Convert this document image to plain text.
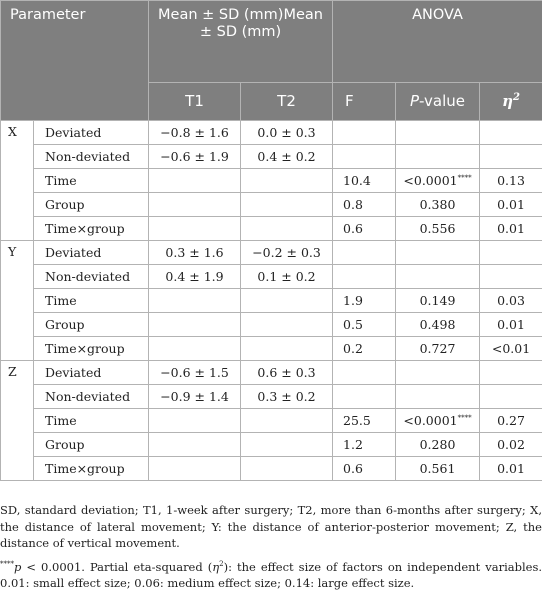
Parameter		Mean ± SD (mm)Mean ± SD (mm)		ANOVA		
		T1	T2	F	P-value	$\eta^2$
X	Deviated	−0.8 ± 1.6	0.0 ± 0.3			
	Non-deviated	−0.6 ± 1.9	0.4 ± 0.2			
	Time			10.4	<0.0001****	0.13
	Group			0.8	0.380	0.01
	Time×group			0.6	0.556	0.01
Y	Deviated	0.3 ± 1.6	−0.2 ± 0.3			
	Non-deviated	0.4 ± 1.9	0.1 ± 0.2			
	Time			1.9	0.149	0.03
	Group			0.5	0.498	0.01
	Time×group			0.2	0.727	<0.01
Z	Deviated	−0.6 ± 1.5	0.6 ± 0.3			
	Non-deviated	−0.9 ± 1.4	0.3 ± 0.2			
	Time			25.5	<0.0001****	0.27
	Group			1.2	0.280	0.02
	Time×group			0.6	0.561	0.01

SD, standard deviation; T1, 1-week after surgery; T2, more than 6-months after surgery; X, the distance of lateral movement; Y: the distance of anterior-posterior movement; Z, the distance of vertical movement.

****p < 0.0001. Partial eta-squared $(\eta^2)$: the effect size of factors on independent variables. 0.01: small effect size; 0.06: medium effect size; 0.14: large effect size.
